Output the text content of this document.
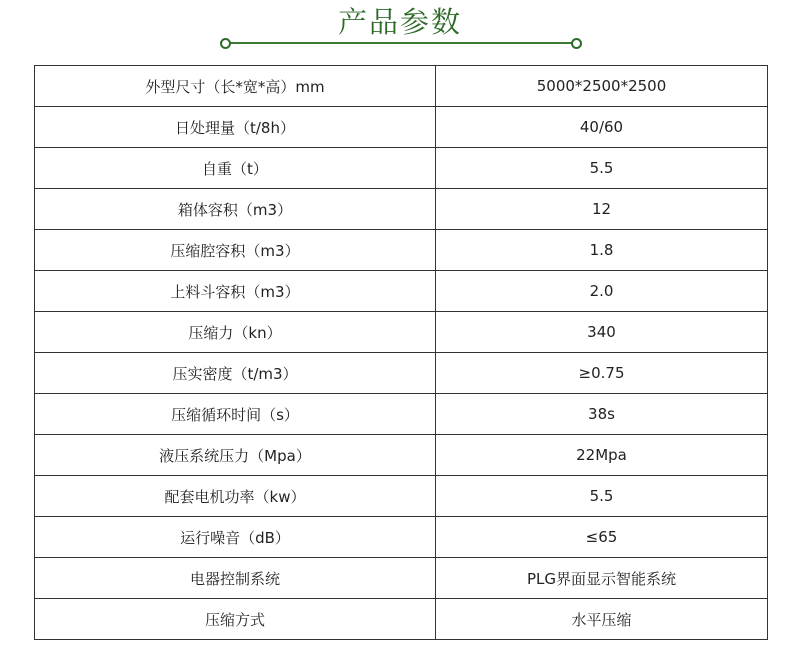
产品参数
外型尺寸（长*宽*高）mm	5000*2500*2500
日处理量（t/8h）	40/60
自重（t）	5.5
箱体容积（m3）	12
压缩腔容积（m3）	1.8
上料斗容积（m3）	2.0
压缩力（kn）	340
压实密度（t/m3）	≥0.75
压缩循环时间（s）	38s
液压系统压力（Mpa）	22Mpa
配套电机功率（kw）	5.5
运行噪音（dB）	≤65
电器控制系统	PLG界面显示智能系统
压缩方式	水平压缩
